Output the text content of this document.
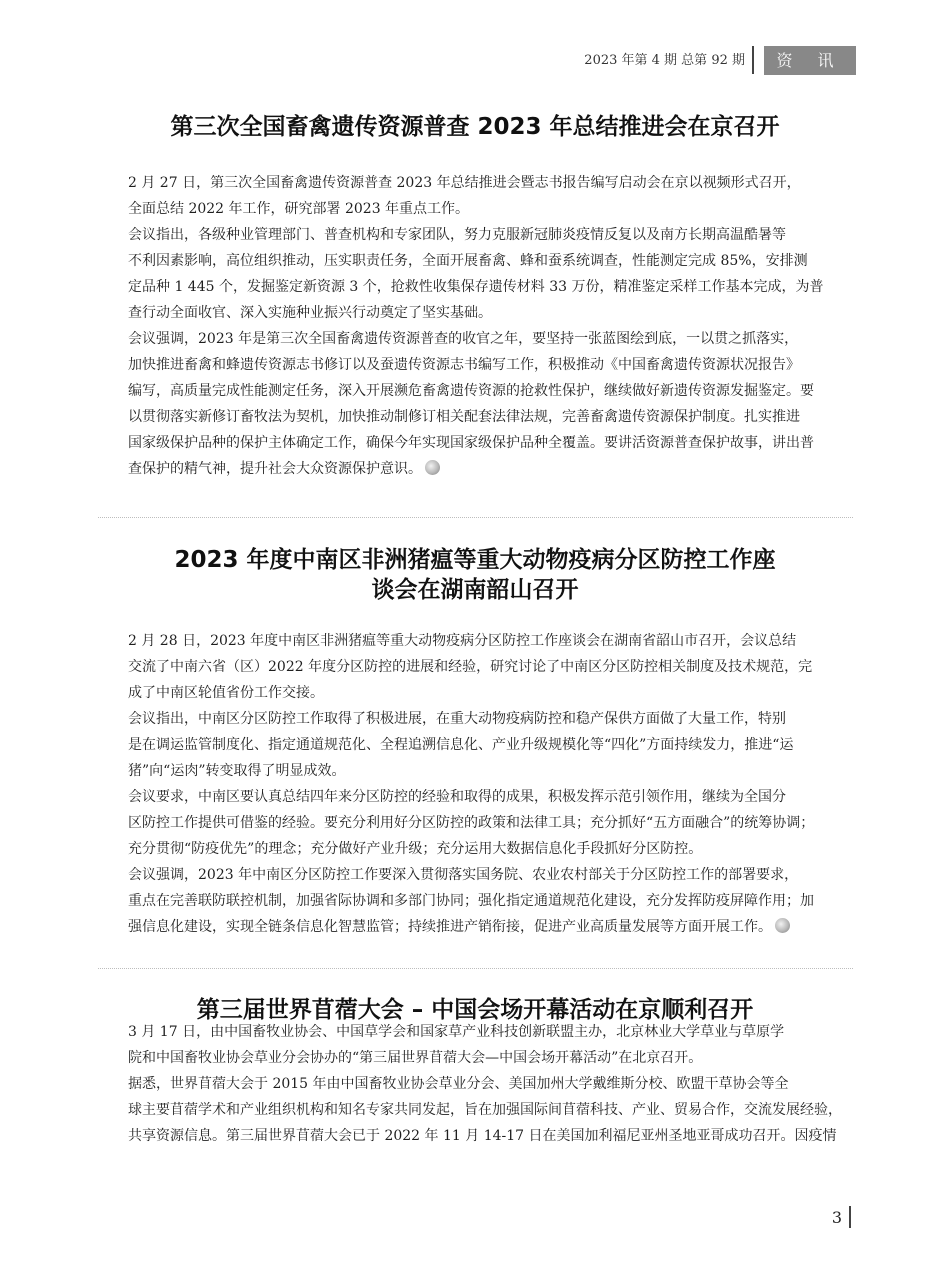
2023 年第 4 期 总第 92 期	资 讯
第三次全国畜禽遗传资源普查 2023 年总结推进会在京召开

2 月 27 日，第三次全国畜禽遗传资源普查 2023 年总结推进会暨志书报告编写启动会在京以视频形式召开，
全面总结 2022 年工作，研究部署 2023 年重点工作。

会议指出，各级种业管理部门、普查机构和专家团队，努力克服新冠肺炎疫情反复以及南方长期高温酷暑等
不利因素影响，高位组织推动，压实职责任务，全面开展畜禽、蜂和蚕系统调查，性能测定完成 85%，安排测
定品种 1 445 个，发掘鉴定新资源 3 个，抢救性收集保存遗传材料 33 万份，精准鉴定采样工作基本完成，为普
查行动全面收官、深入实施种业振兴行动奠定了坚实基础。

会议强调，2023 年是第三次全国畜禽遗传资源普查的收官之年，要坚持一张蓝图绘到底，一以贯之抓落实，
加快推进畜禽和蜂遗传资源志书修订以及蚕遗传资源志书编写工作，积极推动《中国畜禽遗传资源状况报告》
编写，高质量完成性能测定任务，深入开展濒危畜禽遗传资源的抢救性保护，继续做好新遗传资源发掘鉴定。要
以贯彻落实新修订畜牧法为契机，加快推动制修订相关配套法律法规，完善畜禽遗传资源保护制度。扎实推进
国家级保护品种的保护主体确定工作，确保今年实现国家级保护品种全覆盖。要讲活资源普查保护故事，讲出普
查保护的精气神，提升社会大众资源保护意识。

2023 年度中南区非洲猪瘟等重大动物疫病分区防控工作座
谈会在湖南韶山召开

2 月 28 日，2023 年度中南区非洲猪瘟等重大动物疫病分区防控工作座谈会在湖南省韶山市召开，会议总结
交流了中南六省（区）2022 年度分区防控的进展和经验，研究讨论了中南区分区防控相关制度及技术规范，完
成了中南区轮值省份工作交接。

会议指出，中南区分区防控工作取得了积极进展，在重大动物疫病防控和稳产保供方面做了大量工作，特别
是在调运监管制度化、指定通道规范化、全程追溯信息化、产业升级规模化等“四化”方面持续发力，推进“运
猪”向“运肉”转变取得了明显成效。

会议要求，中南区要认真总结四年来分区防控的经验和取得的成果，积极发挥示范引领作用，继续为全国分
区防控工作提供可借鉴的经验。要充分利用好分区防控的政策和法律工具；充分抓好“五方面融合”的统筹协调；
充分贯彻“防疫优先”的理念；充分做好产业升级；充分运用大数据信息化手段抓好分区防控。

会议强调，2023 年中南区分区防控工作要深入贯彻落实国务院、农业农村部关于分区防控工作的部署要求，
重点在完善联防联控机制，加强省际协调和多部门协同；强化指定通道规范化建设，充分发挥防疫屏障作用；加
强信息化建设，实现全链条信息化智慧监管；持续推进产销衔接，促进产业高质量发展等方面开展工作。

第三届世界苜蓿大会 – 中国会场开幕活动在京顺利召开

3 月 17 日，由中国畜牧业协会、中国草学会和国家草产业科技创新联盟主办，北京林业大学草业与草原学
院和中国畜牧业协会草业分会协办的“第三届世界苜蓿大会—中国会场开幕活动”在北京召开。

据悉，世界苜蓿大会于 2015 年由中国畜牧业协会草业分会、美国加州大学戴维斯分校、欧盟干草协会等全
球主要苜蓿学术和产业组织机构和知名专家共同发起，旨在加强国际间苜蓿科技、产业、贸易合作，交流发展经验，
共享资源信息。第三届世界苜蓿大会已于 2022 年 11 月 14-17 日在美国加利福尼亚州圣地亚哥成功召开。因疫情

3
